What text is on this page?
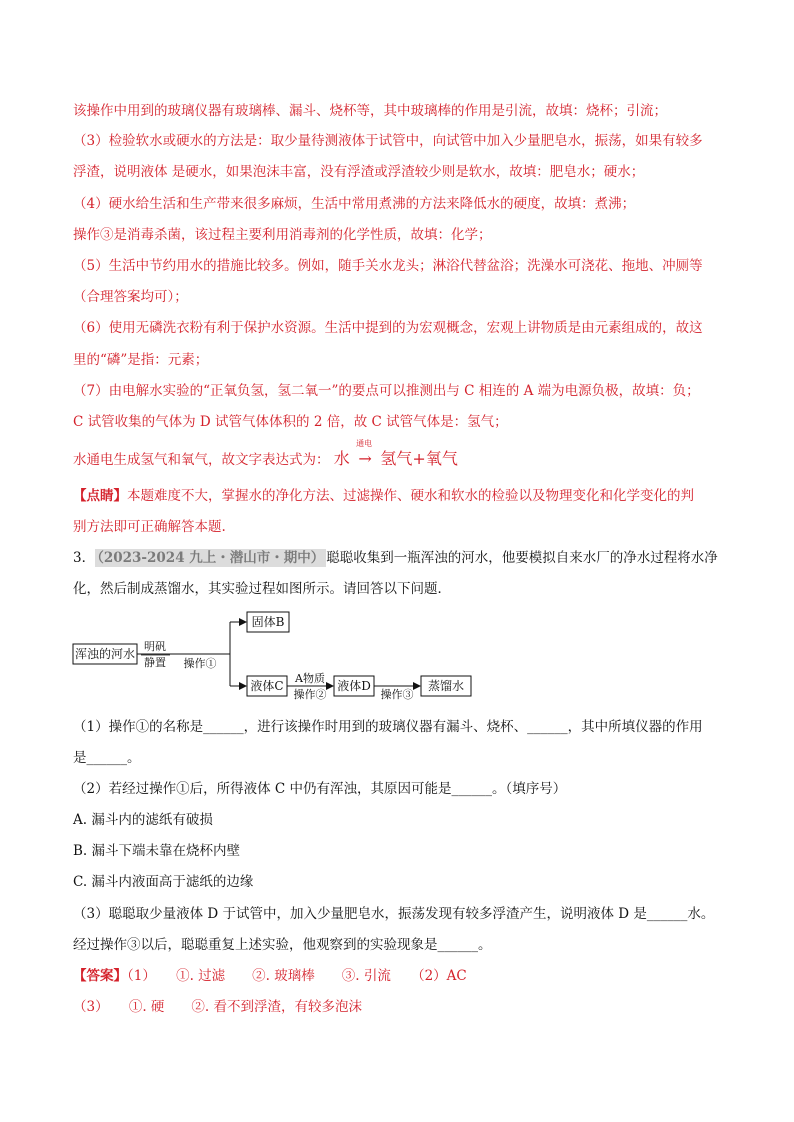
该操作中用到的玻璃仪器有玻璃棒、漏斗、烧杯等，其中玻璃棒的作用是引流，故填：烧杯；引流；
（3）检验软水或硬水的方法是：取少量待测液体于试管中，向试管中加入少量肥皂水，振荡，如果有较多
浮渣，说明液体 是硬水，如果泡沫丰富，没有浮渣或浮渣较少则是软水，故填：肥皂水；硬水；
（4）硬水给生活和生产带来很多麻烦，生活中常用煮沸的方法来降低水的硬度，故填：煮沸；
操作③是消毒杀菌，该过程主要利用消毒剂的化学性质，故填：化学；
（5）生活中节约用水的措施比较多。例如，随手关水龙头；淋浴代替盆浴；洗澡水可浇花、拖地、冲厕等
（合理答案均可）；
（6）使用无磷洗衣粉有利于保护水资源。生活中提到的为宏观概念，宏观上讲物质是由元素组成的，故这
里的“磷”是指：元素；
（7）由电解水实验的“正氧负氢，氢二氧一”的要点可以推测出与 C 相连的 A 端为电源负极，故填：负；
C 试管收集的气体为 D 试管气体体积的 2 倍，故 C 试管气体是：氢气；
水通电生成氢气和氧气，故文字表达式为： 水
通电
→ 氢气+氧气
【点睛】本题难度不大，掌握水的净化方法、过滤操作、硬水和软水的检验以及物理变化和化学变化的判
别方法即可正确解答本题.
3． （2023-2024 九上・潜山市・期中） 聪聪收集到一瓶浑浊的河水，他要模拟自来水厂的净水过程将水净
化，然后制成蒸馏水，其实验过程如图所示。请回答以下问题．
浑浊的河水
明矾
静置 操作①
固体B
液体C
A物质
操作②
液体D
操作③
蒸馏水
（1）操作①的名称是______，进行该操作时用到的玻璃仪器有漏斗、烧杯、______，其中所填仪器的作用
是______。
（2）若经过操作①后，所得液体 C 中仍有浑浊，其原因可能是______。（填序号）
A. 漏斗内的滤纸有破损
B. 漏斗下端未靠在烧杯内壁
C. 漏斗内液面高于滤纸的边缘
（3）聪聪取少量液体 D 于试管中，加入少量肥皂水，振荡发现有较多浮渣产生，说明液体 D 是______水。
经过操作③以后，聪聪重复上述实验，他观察到的实验现象是______。
【答案】（1）　　①. 过滤　　②. 玻璃棒　　③. 引流　　（2）AC
（3）　　①. 硬　　②. 看不到浮渣，有较多泡沫
